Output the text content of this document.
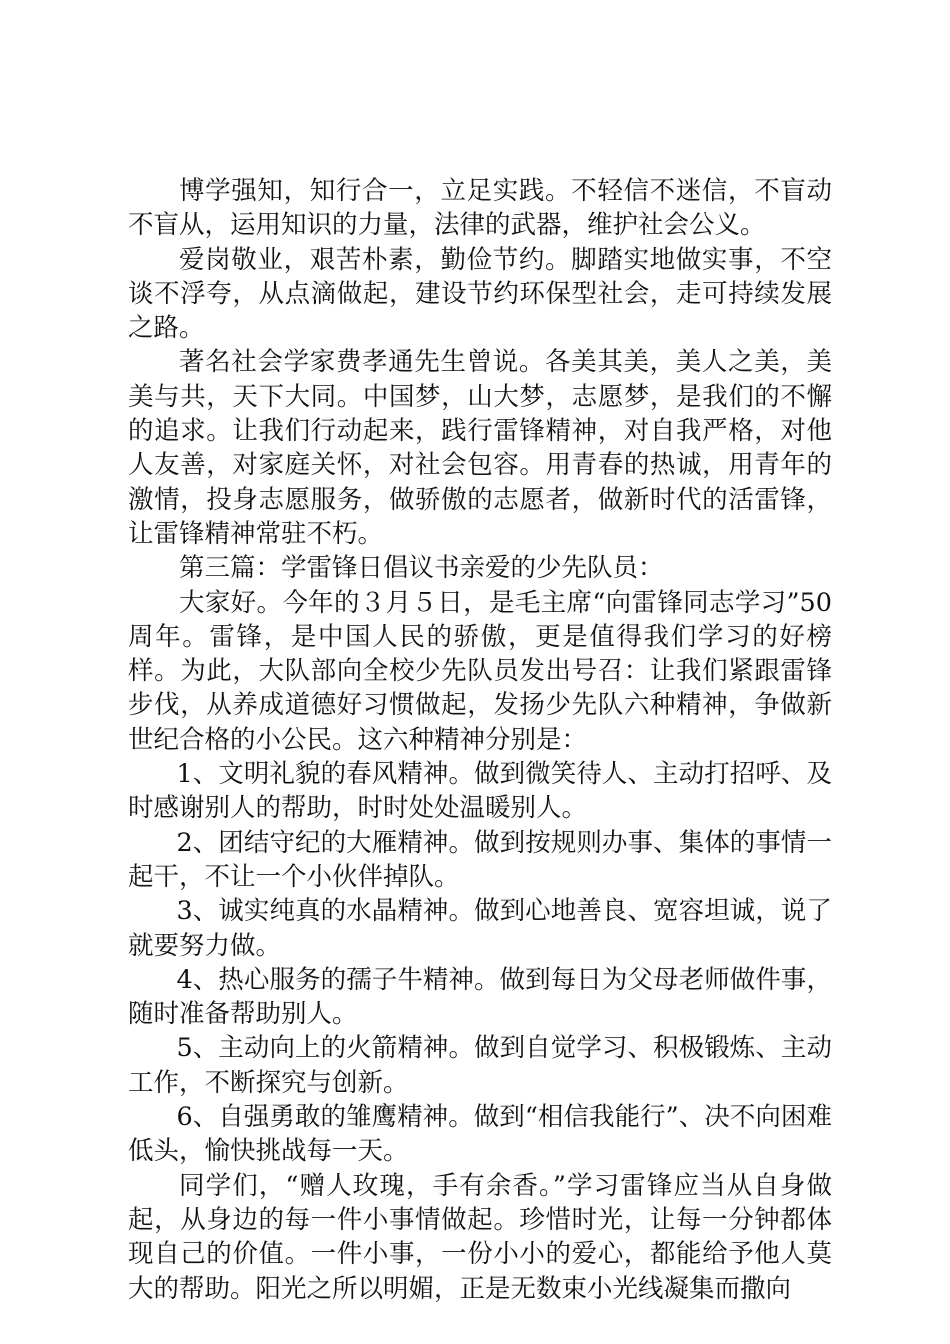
博学强知，知行合一，立足实践。不轻信不迷信，不盲动不盲从，运用知识的力量，法律的武器，维护社会公义。

爱岗敬业，艰苦朴素，勤俭节约。脚踏实地做实事，不空谈不浮夸，从点滴做起，建设节约环保型社会，走可持续发展之路。

著名社会学家费孝通先生曾说。各美其美，美人之美，美美与共，天下大同。中国梦，山大梦，志愿梦，是我们的不懈的追求。让我们行动起来，践行雷锋精神，对自我严格，对他人友善，对家庭关怀，对社会包容。用青春的热诚，用青年的激情，投身志愿服务，做骄傲的志愿者，做新时代的活雷锋，让雷锋精神常驻不朽。

第三篇：学雷锋日倡议书亲爱的少先队员：

大家好。今年的３月５日，是毛主席“向雷锋同志学习”50周年。雷锋，是中国人民的骄傲，更是值得我们学习的好榜样。为此，大队部向全校少先队员发出号召：让我们紧跟雷锋步伐，从养成道德好习惯做起，发扬少先队六种精神，争做新世纪合格的小公民。这六种精神分别是：

1、文明礼貌的春风精神。做到微笑待人、主动打招呼、及时感谢别人的帮助，时时处处温暖别人。

2、团结守纪的大雁精神。做到按规则办事、集体的事情一起干，不让一个小伙伴掉队。

3、诚实纯真的水晶精神。做到心地善良、宽容坦诚，说了就要努力做。

4、热心服务的孺子牛精神。做到每日为父母老师做件事，随时准备帮助别人。

5、主动向上的火箭精神。做到自觉学习、积极锻炼、主动工作，不断探究与创新。

6、自强勇敢的雏鹰精神。做到“相信我能行”、决不向困难低头，愉快挑战每一天。

同学们，“赠人玫瑰，手有余香。”学习雷锋应当从自身做起，从身边的每一件小事情做起。珍惜时光，让每一分钟都体现自己的价值。一件小事，一份小小的爱心，都能给予他人莫大的帮助。阳光之所以明媚，正是无数束小光线凝集而撒向
